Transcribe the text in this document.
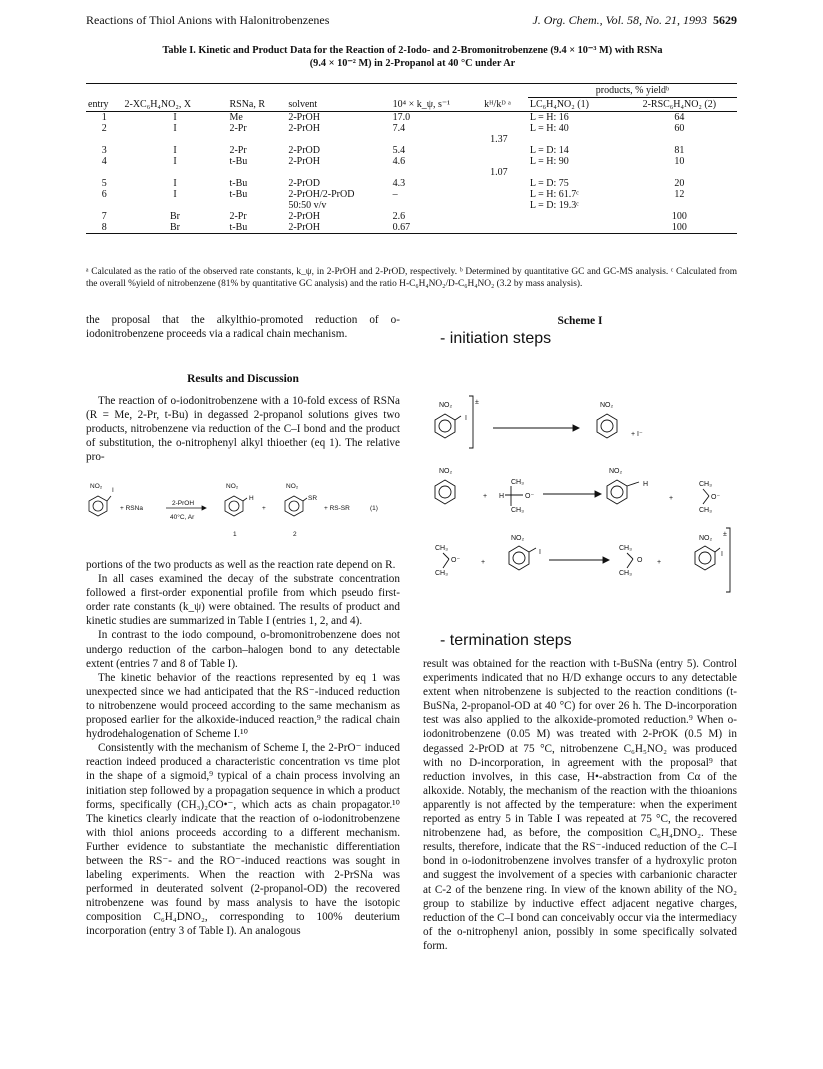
Reactions of Thiol Anions with Halonitrobenzenes	J. Org. Chem., Vol. 58, No. 21, 1993 5629
Table I. Kinetic and Product Data for the Reaction of 2-Iodo- and 2-Bromonitrobenzene (9.4 × 10⁻³ M) with RSNa
(9.4 × 10⁻² M) in 2-Propanol at 40 °C under Ar
						products, % yieldᵇ	
entry	2-XC₆H₄NO₂, X	RSNa, R	solvent	10⁴ × k_ψ, s⁻¹	kᴴ/kᴰ ᵃ	LC₆H₄NO₂ (1)	2-RSC₆H₄NO₂ (2)
1	I	Me	2-PrOH	17.0		L = H: 16	64
2	I	2-Pr	2-PrOH	7.4		L = H: 40	60
					1.37		
3	I	2-Pr	2-PrOD	5.4		L = D: 14	81
4	I	t-Bu	2-PrOH	4.6		L = H: 90	10
					1.07		
5	I	t-Bu	2-PrOD	4.3		L = D: 75	20
6	I	t-Bu	2-PrOH/2-PrOD	–		L = H: 61.7ᶜ	12
			50:50 v/v			L = D: 19.3ᶜ	
7	Br	2-Pr	2-PrOH	2.6			100
8	Br	t-Bu	2-PrOH	0.67			100
ᵃ Calculated as the ratio of the observed rate constants, k_ψ, in 2-PrOH and 2-PrOD, respectively. ᵇ Determined by quantitative GC and GC-MS analysis. ᶜ Calculated from the overall %yield of nitrobenzene (81% by quantitative GC analysis) and the ratio H-C₆H₄NO₂/D-C₆H₄NO₂ (3.2 by mass analysis).

the proposal that the alkylthio-promoted reduction of o-iodonitrobenzene proceeds via a radical chain mechanism.

Results and Discussion

The reaction of o-iodonitrobenzene with a 10-fold excess of RSNa (R = Me, 2-Pr, t-Bu) in degassed 2-propanol solutions gives two products, nitrobenzene via reduction of the C–I bond and the product of substitution, the o-nitrophenyl alkyl thioether (eq 1). The relative pro-

NO₂
I
+ RSNa
2-PrOH
40°C, Ar
NO₂
H
+
NO₂
SR
+ RS-SR	(1)
1	2

portions of the two products as well as the reaction rate depend on R.

In all cases examined the decay of the substrate concentration followed a first-order exponential profile from which pseudo first-order rate constants (k_ψ) were obtained. The results of product and kinetic studies are summarized in Table I (entries 1, 2, and 4).

In contrast to the iodo compound, o-bromonitrobenzene does not undergo reduction of the carbon–halogen bond to any detectable extent (entries 7 and 8 of Table I).

The kinetic behavior of the reactions represented by eq 1 was unexpected since we had anticipated that the RS⁻-induced reduction to nitrobenzene would proceed according to the same mechanism as proposed earlier for the alkoxide-induced reaction,⁹ the radical chain hydrodehalogenation of Scheme I.¹⁰

Consistently with the mechanism of Scheme I, the 2-PrO⁻ induced reaction indeed produced a characteristic concentration vs time plot in the shape of a sigmoid,⁹ typical of a chain process involving an initiation step followed by a propagation sequence in which a product forms, specifically (CH₃)₂CO•⁻, which acts as chain propagator.¹⁰ The kinetics clearly indicate that the reaction of o-iodonitrobenzene with thiol anions proceeds according to a different mechanism. Further evidence to substantiate the mechanistic differentiation between the RS⁻- and the RO⁻-induced reactions was sought in labeling experiments. When the reaction with 2-PrSNa was performed in deuterated solvent (2-propanol-OD) the recovered nitrobenzene was found by mass analysis to have the isotopic composition C₆H₄DNO₂, corresponding to 100% deuterium incorporation (entry 3 of Table I). An analogous

Scheme I
- initiation steps
NO₂	±
I
NO₂
+ I⁻
NO₂
+
CH₃
H	O⁻
CH₃
NO₂
H
+
CH₃
O⁻
CH₃
NO₂
I
CH₃
O⁻
CH₃
+
CH₃
O
CH₃
+
NO₂
±
I
- termination steps

result was obtained for the reaction with t-BuSNa (entry 5). Control experiments indicated that no H/D exhange occurs to any detectable extent when nitrobenzene is subjected to the reaction conditions (t-BuSNa, 2-propanol-OD at 40 °C) for over 26 h. The D-incorporation test was also applied to the alkoxide-promoted reduction.⁹ When o-iodonitrobenzene (0.05 M) was treated with 2-PrOK (0.5 M) in degassed 2-PrOD at 75 °C, nitrobenzene C₆H₅NO₂ was produced with no D-incorporation, in agreement with the proposal⁹ that reduction involves, in this case, H•-abstraction from Cα of the alkoxide. Notably, the mechanism of the reaction with the thioanions apparently is not affected by the temperature: when the experiment reported as entry 5 in Table I was repeated at 75 °C, the recovered nitrobenzene had, as before, the composition C₆H₄DNO₂. These results, therefore, indicate that the RS⁻-induced reduction of the C–I bond in o-iodonitrobenzene involves transfer of a hydroxylic proton and suggest the involvement of a species with carbanionic character at C-2 of the benzene ring. In view of the known ability of the NO₂ group to stabilize by inductive effect adjacent negative charges, reduction of the C–I bond can conceivably occur via the intermediacy of the o-nitrophenyl anion, possibly in some specifically solvated form.
